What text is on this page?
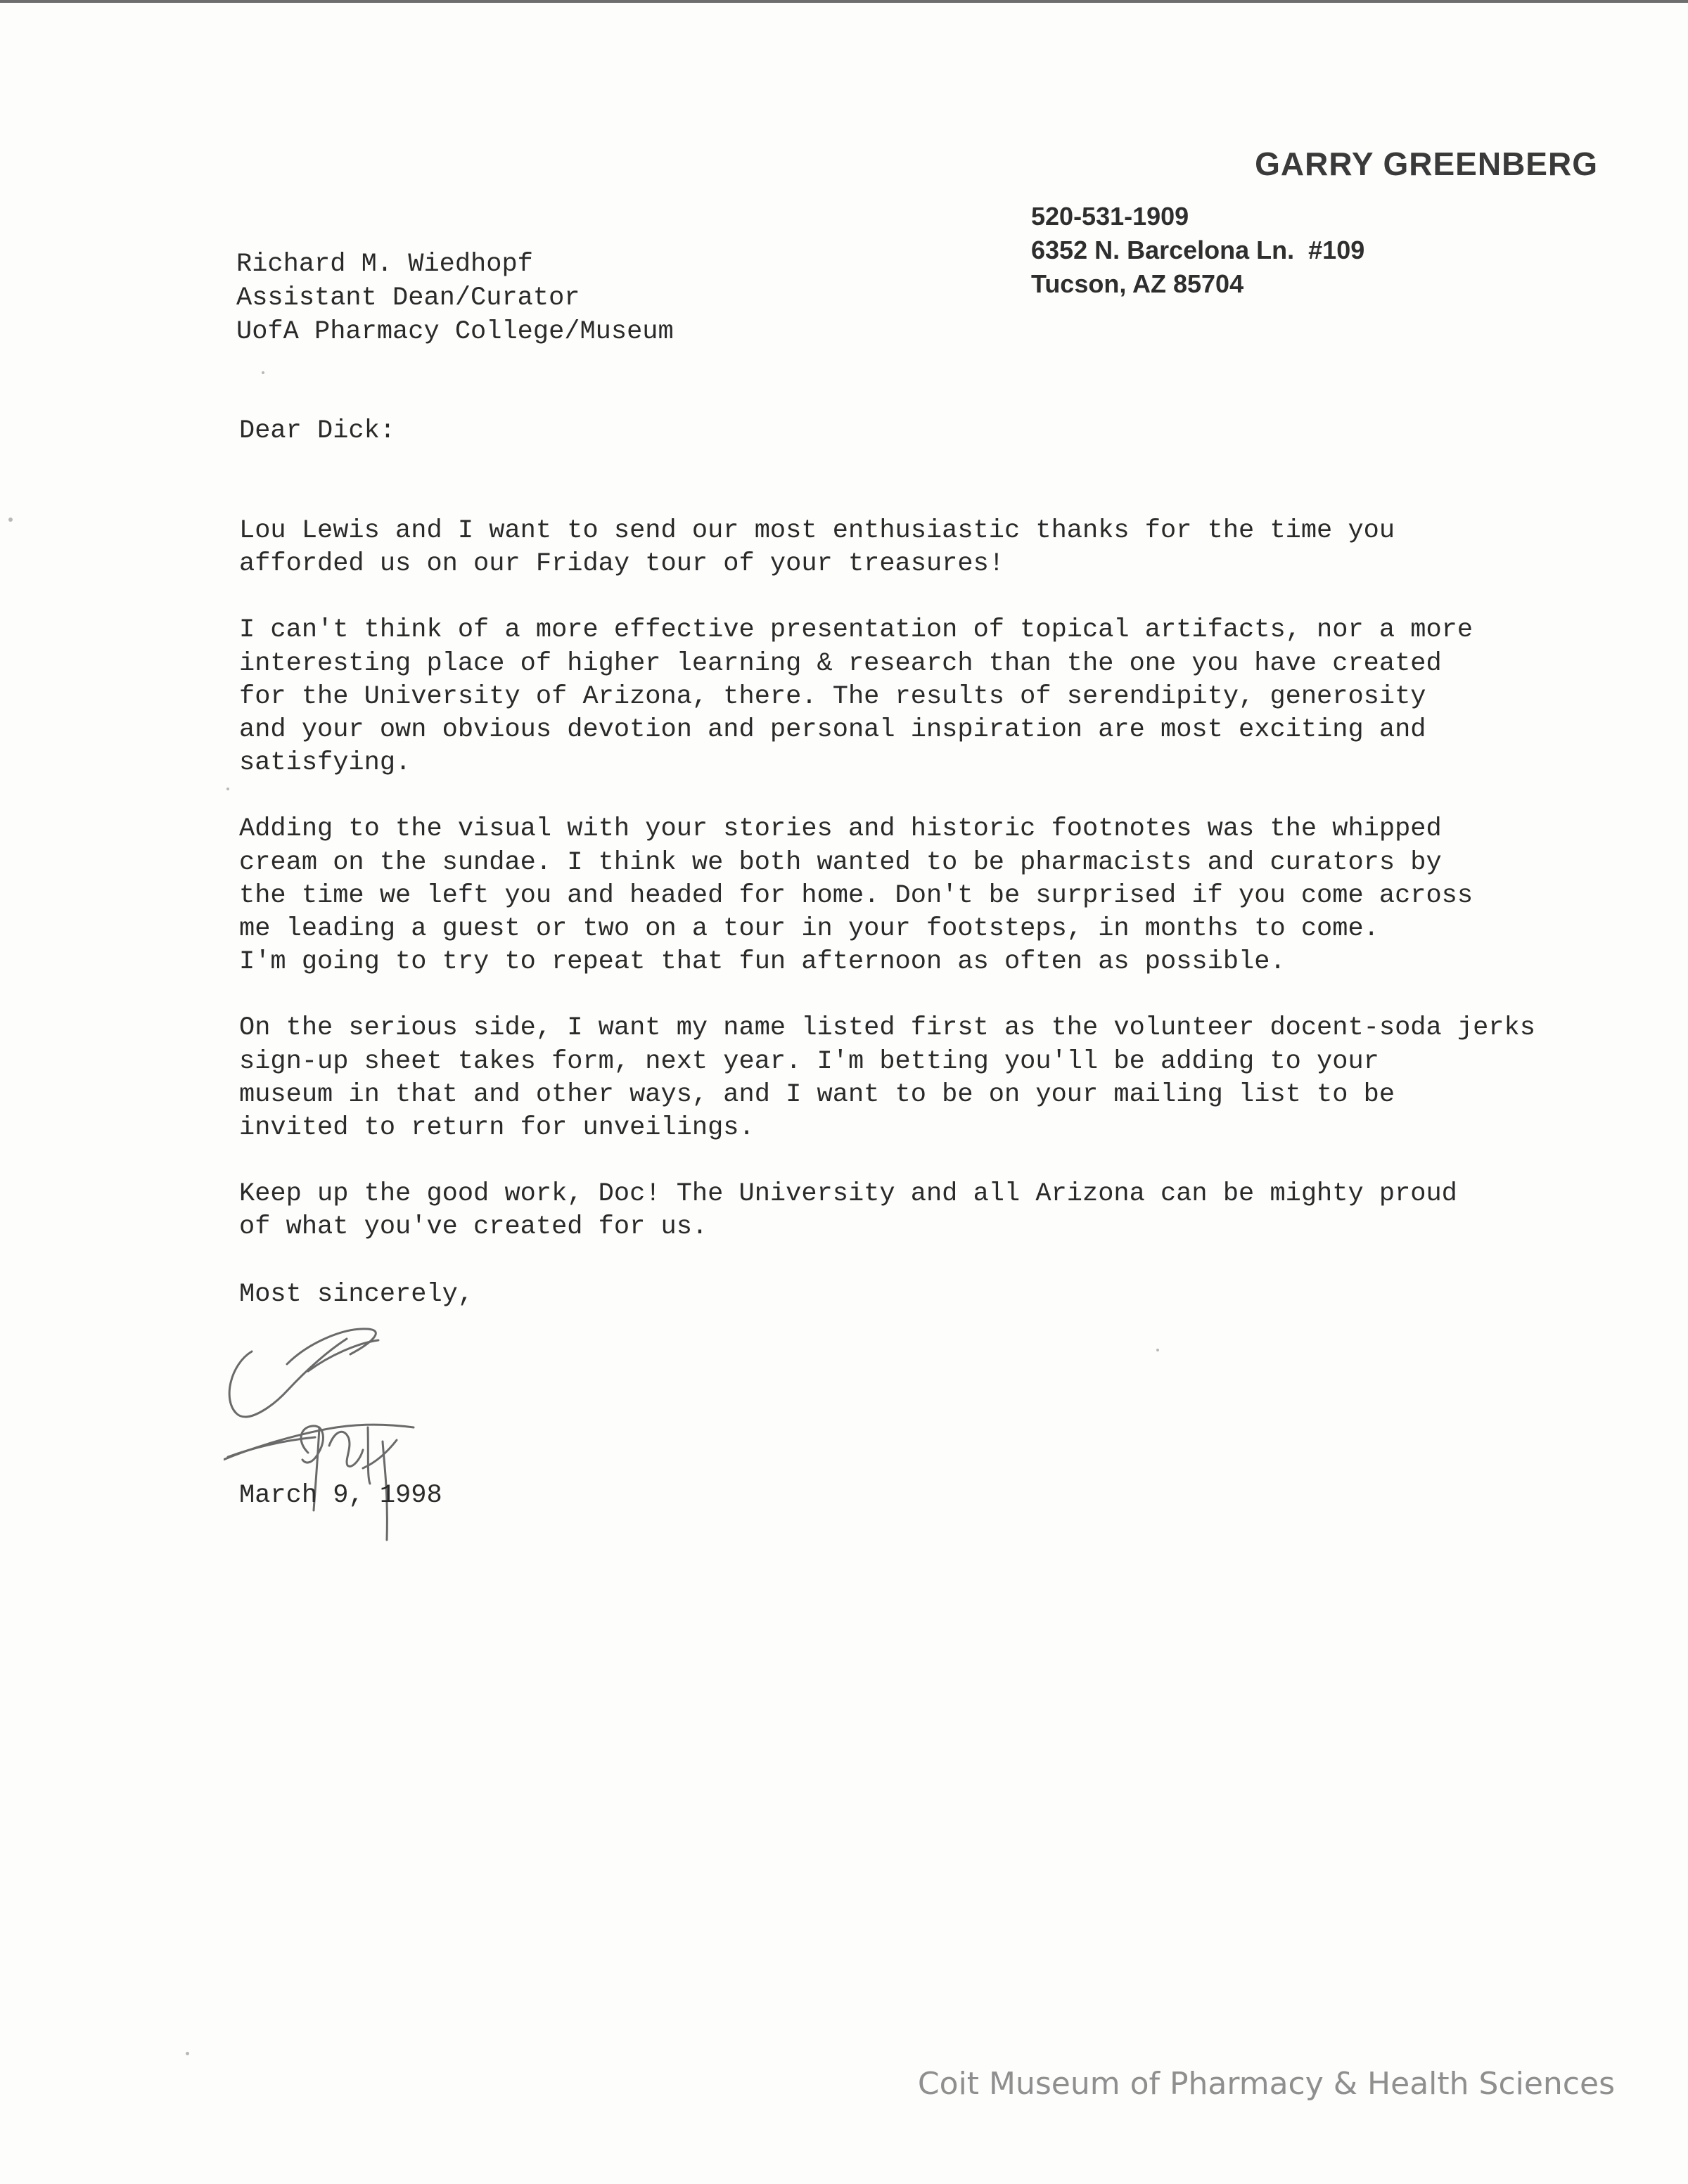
GARRY GREENBERG
520-531-1909
6352 N. Barcelona Ln.  #109
Tucson, AZ 85704
Richard M. Wiedhopf
Assistant Dean/Curator
UofA Pharmacy College/Museum
Dear Dick:
Lou Lewis and I want to send our most enthusiastic thanks for the time you
afforded us on our Friday tour of your treasures!
I can't think of a more effective presentation of topical artifacts, nor a more
interesting place of higher learning & research than the one you have created
for the University of Arizona, there. The results of serendipity, generosity
and your own obvious devotion and personal inspiration are most exciting and
satisfying.
Adding to the visual with your stories and historic footnotes was the whipped
cream on the sundae. I think we both wanted to be pharmacists and curators by
the time we left you and headed for home. Don't be surprised if you come across
me leading a guest or two on a tour in your footsteps, in months to come.
I'm going to try to repeat that fun afternoon as often as possible.
On the serious side, I want my name listed first as the volunteer docent-soda jerks
sign-up sheet takes form, next year. I'm betting you'll be adding to your
museum in that and other ways, and I want to be on your mailing list to be
invited to return for unveilings.
Keep up the good work, Doc! The University and all Arizona can be mighty proud
of what you've created for us.
Most sincerely,
March 9, 1998
Coit Museum of Pharmacy & Health Sciences
